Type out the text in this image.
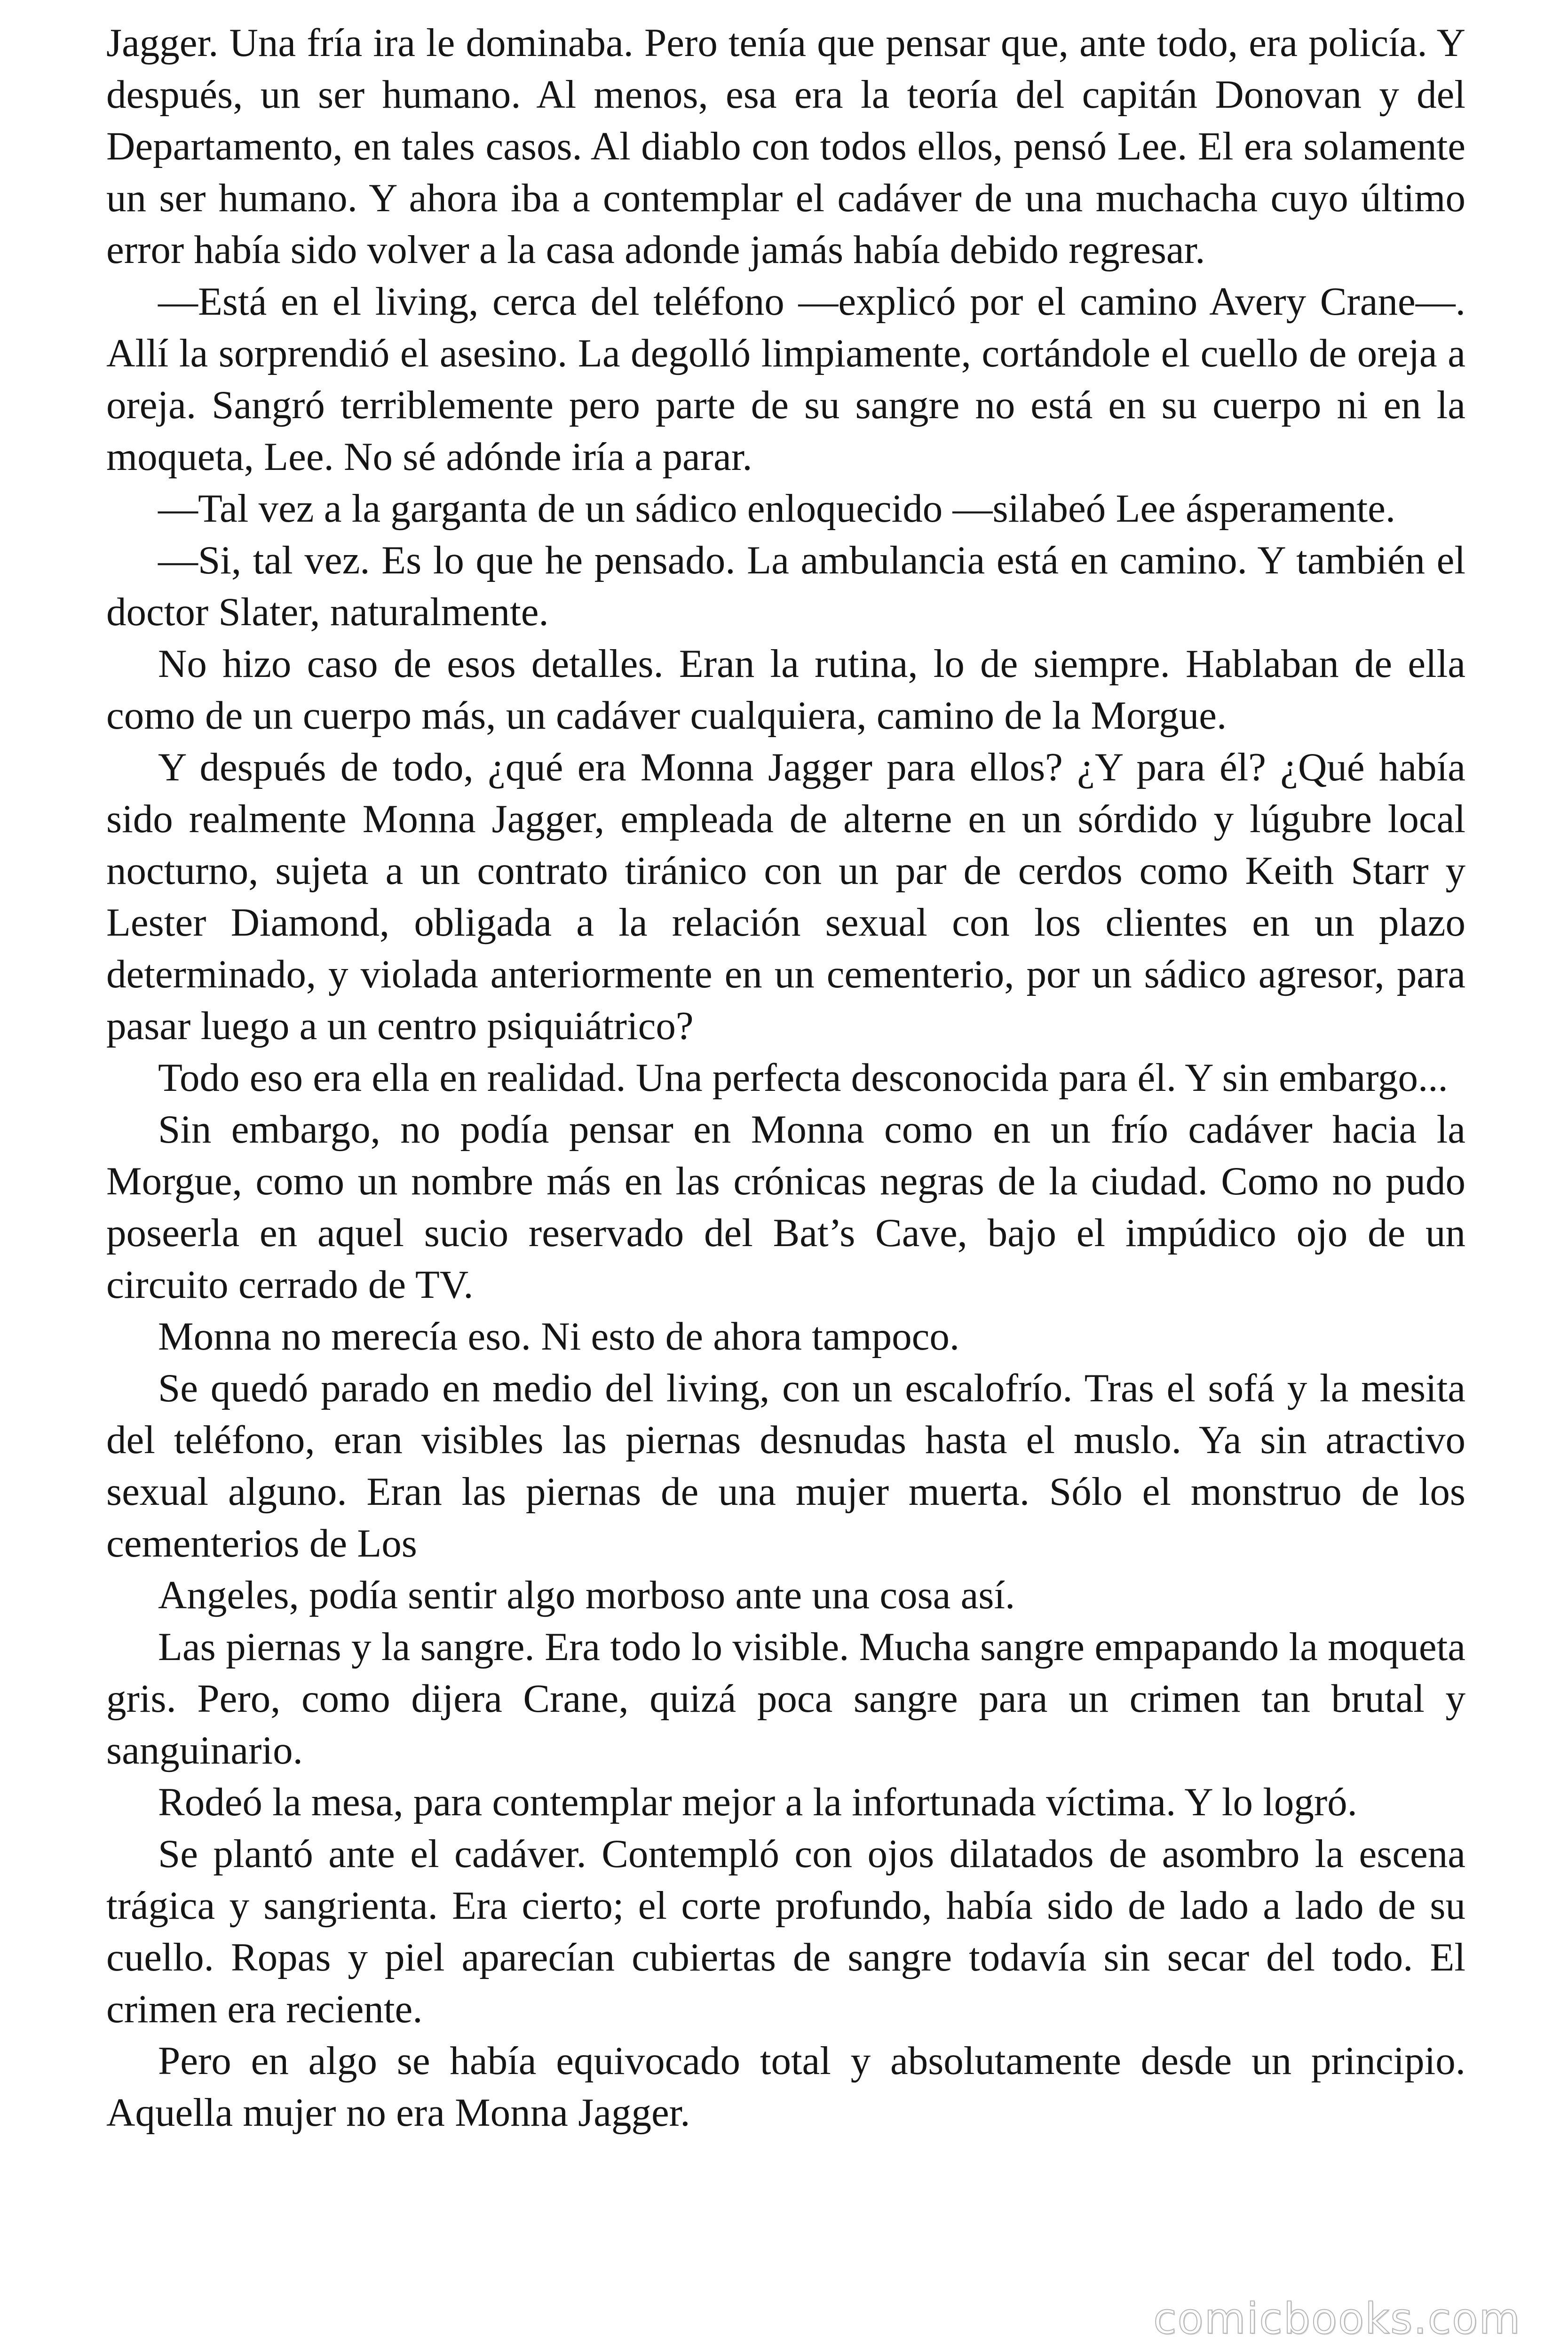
Jagger. Una fría ira le dominaba. Pero tenía que pensar que, ante todo, era policía. Y después, un ser humano. Al menos, esa era la teoría del capitán Donovan y del Departamento, en tales casos. Al diablo con todos ellos, pensó Lee. El era solamente un ser humano. Y ahora iba a contemplar el cadáver de una muchacha cuyo último error había sido volver a la casa adonde jamás había debido regresar.

—Está en el living, cerca del teléfono —explicó por el camino Avery Crane—. Allí la sorprendió el asesino. La degolló limpiamente, cortándole el cuello de oreja a oreja. Sangró terriblemente pero parte de su sangre no está en su cuerpo ni en la moqueta, Lee. No sé adónde iría a parar.

—Tal vez a la garganta de un sádico enloquecido —silabeó Lee ásperamente.

—Si, tal vez. Es lo que he pensado. La ambulancia está en camino. Y también el doctor Slater, naturalmente.

No hizo caso de esos detalles. Eran la rutina, lo de siempre. Hablaban de ella como de un cuerpo más, un cadáver cualquiera, camino de la Morgue.

Y después de todo, ¿qué era Monna Jagger para ellos? ¿Y para él? ¿Qué había sido realmente Monna Jagger, empleada de alterne en un sórdido y lúgubre local nocturno, sujeta a un contrato tiránico con un par de cerdos como Keith Starr y Lester Diamond, obligada a la relación sexual con los clientes en un plazo determinado, y violada anteriormente en un cementerio, por un sádico agresor, para pasar luego a un centro psiquiátrico?

Todo eso era ella en realidad. Una perfecta desconocida para él. Y sin embargo...

Sin embargo, no podía pensar en Monna como en un frío cadáver hacia la Morgue, como un nombre más en las crónicas negras de la ciudad. Como no pudo poseerla en aquel sucio reservado del Bat’s Cave, bajo el impúdico ojo de un circuito cerrado de TV.

Monna no merecía eso. Ni esto de ahora tampoco.

Se quedó parado en medio del living, con un escalofrío. Tras el sofá y la mesita del teléfono, eran visibles las piernas desnudas hasta el muslo. Ya sin atractivo sexual alguno. Eran las piernas de una mujer muerta. Sólo el monstruo de los cementerios de Los

Angeles, podía sentir algo morboso ante una cosa así.

Las piernas y la sangre. Era todo lo visible. Mucha sangre empapando la moqueta gris. Pero, como dijera Crane, quizá poca sangre para un crimen tan brutal y sanguinario.

Rodeó la mesa, para contemplar mejor a la infortunada víctima. Y lo logró.

Se plantó ante el cadáver. Contempló con ojos dilatados de asombro la escena trágica y sangrienta. Era cierto; el corte profundo, había sido de lado a lado de su cuello. Ropas y piel aparecían cubiertas de sangre todavía sin secar del todo. El crimen era reciente.

Pero en algo se había equivocado total y absolutamente desde un principio. Aquella mujer no era Monna Jagger.

comicbooks.com
